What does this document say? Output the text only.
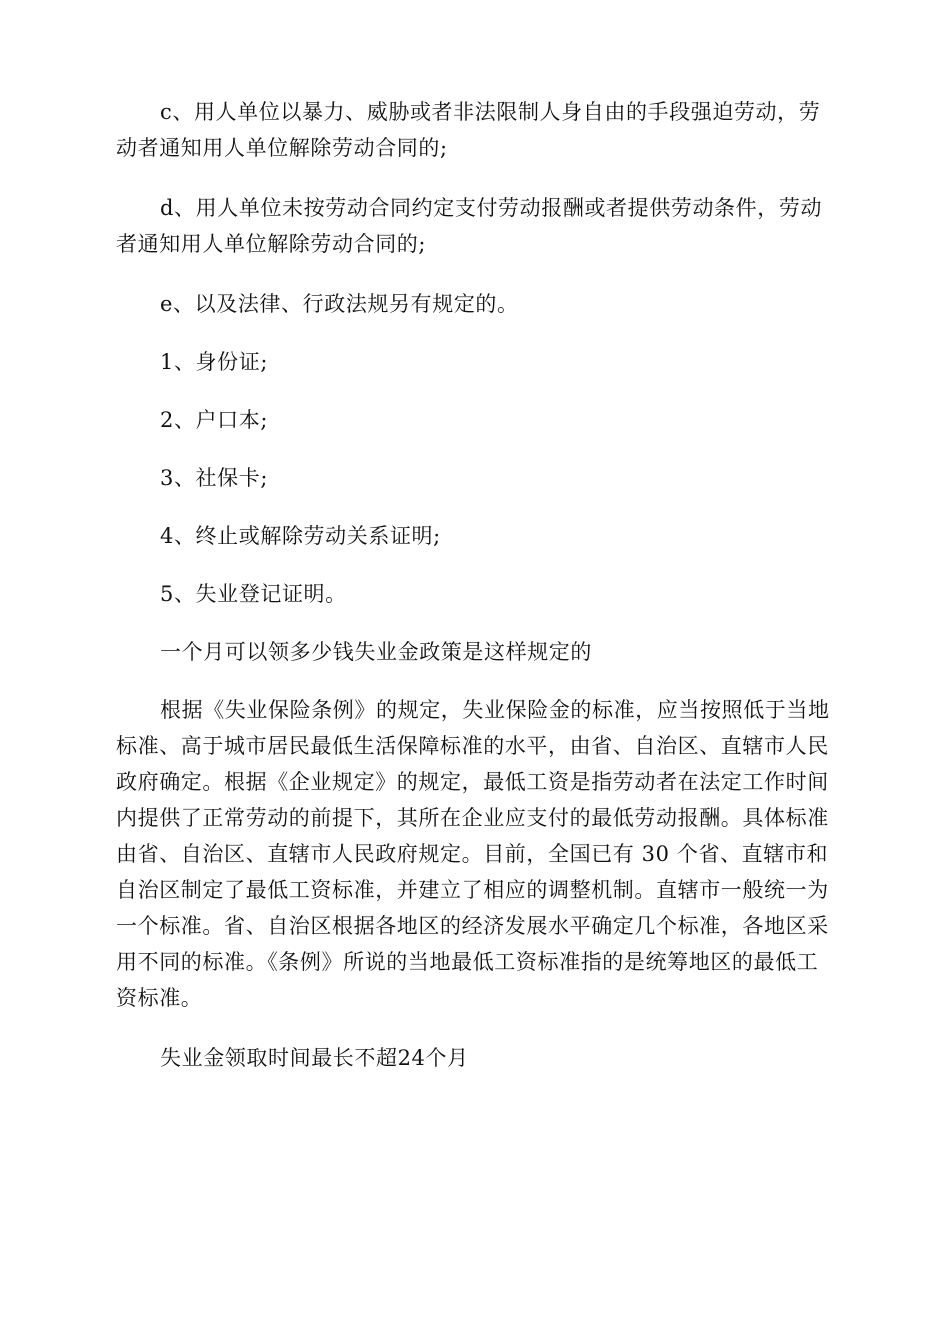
c、用人单位以暴力、威胁或者非法限制人身自由的手段强迫劳动，劳动者通知用人单位解除劳动合同的;

d、用人单位未按劳动合同约定支付劳动报酬或者提供劳动条件，劳动者通知用人单位解除劳动合同的;

e、以及法律、行政法规另有规定的。

1、身份证;

2、户口本;

3、社保卡;

4、终止或解除劳动关系证明;

5、失业登记证明。

一个月可以领多少钱失业金政策是这样规定的

根据《失业保险条例》的规定，失业保险金的标准，应当按照低于当地标准、高于城市居民最低生活保障标准的水平，由省、自治区、直辖市人民政府确定。根据《企业规定》的规定，最低工资是指劳动者在法定工作时间内提供了正常劳动的前提下，其所在企业应支付的最低劳动报酬。具体标准由省、自治区、直辖市人民政府规定。目前，全国已有 30 个省、直辖市和自治区制定了最低工资标准，并建立了相应的调整机制。直辖市一般统一为一个标准。省、自治区根据各地区的经济发展水平确定几个标准，各地区采用不同的标准。《条例》所说的当地最低工资标准指的是统筹地区的最低工资标准。

失业金领取时间最长不超24个月
